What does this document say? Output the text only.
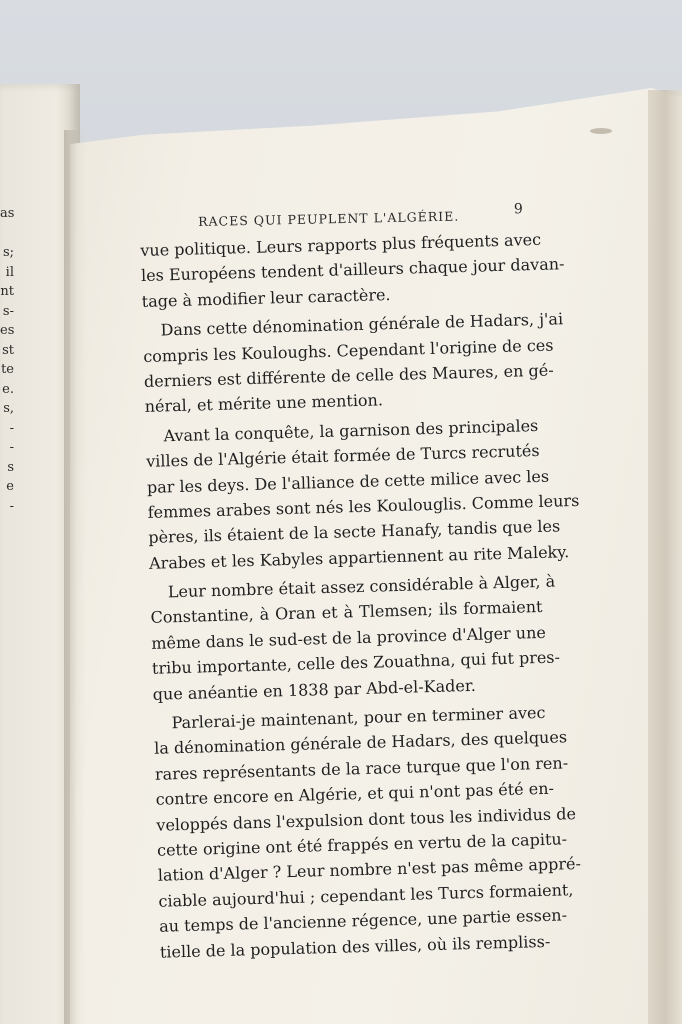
as
s;
il
nt
s-
es
st
te
e.
s,
-
-
s
e
-
RACES QUI PEUPLENT L'ALGÉRIE.	9
vue politique. Leurs rapports plus fréquents avec
les Européens tendent d'ailleurs chaque jour davan-
tage à modifier leur caractère.
Dans cette dénomination générale de Hadars, j'ai
compris les Kouloughs. Cependant l'origine de ces
derniers est différente de celle des Maures, en gé-
néral, et mérite une mention.
Avant la conquête, la garnison des principales
villes de l'Algérie était formée de Turcs recrutés
par les deys. De l'alliance de cette milice avec les
femmes arabes sont nés les Koulouglis. Comme leurs
pères, ils étaient de la secte Hanafy, tandis que les
Arabes et les Kabyles appartiennent au rite Maleky.
Leur nombre était assez considérable à Alger, à
Constantine, à Oran et à Tlemsen; ils formaient
même dans le sud-est de la province d'Alger une
tribu importante, celle des Zouathna, qui fut pres-
que anéantie en 1838 par Abd-el-Kader.
Parlerai-je maintenant, pour en terminer avec
la dénomination générale de Hadars, des quelques
rares représentants de la race turque que l'on ren-
contre encore en Algérie, et qui n'ont pas été en-
veloppés dans l'expulsion dont tous les individus de
cette origine ont été frappés en vertu de la capitu-
lation d'Alger ? Leur nombre n'est pas même appré-
ciable aujourd'hui ; cependant les Turcs formaient,
au temps de l'ancienne régence, une partie essen-
tielle de la population des villes, où ils rempliss-
